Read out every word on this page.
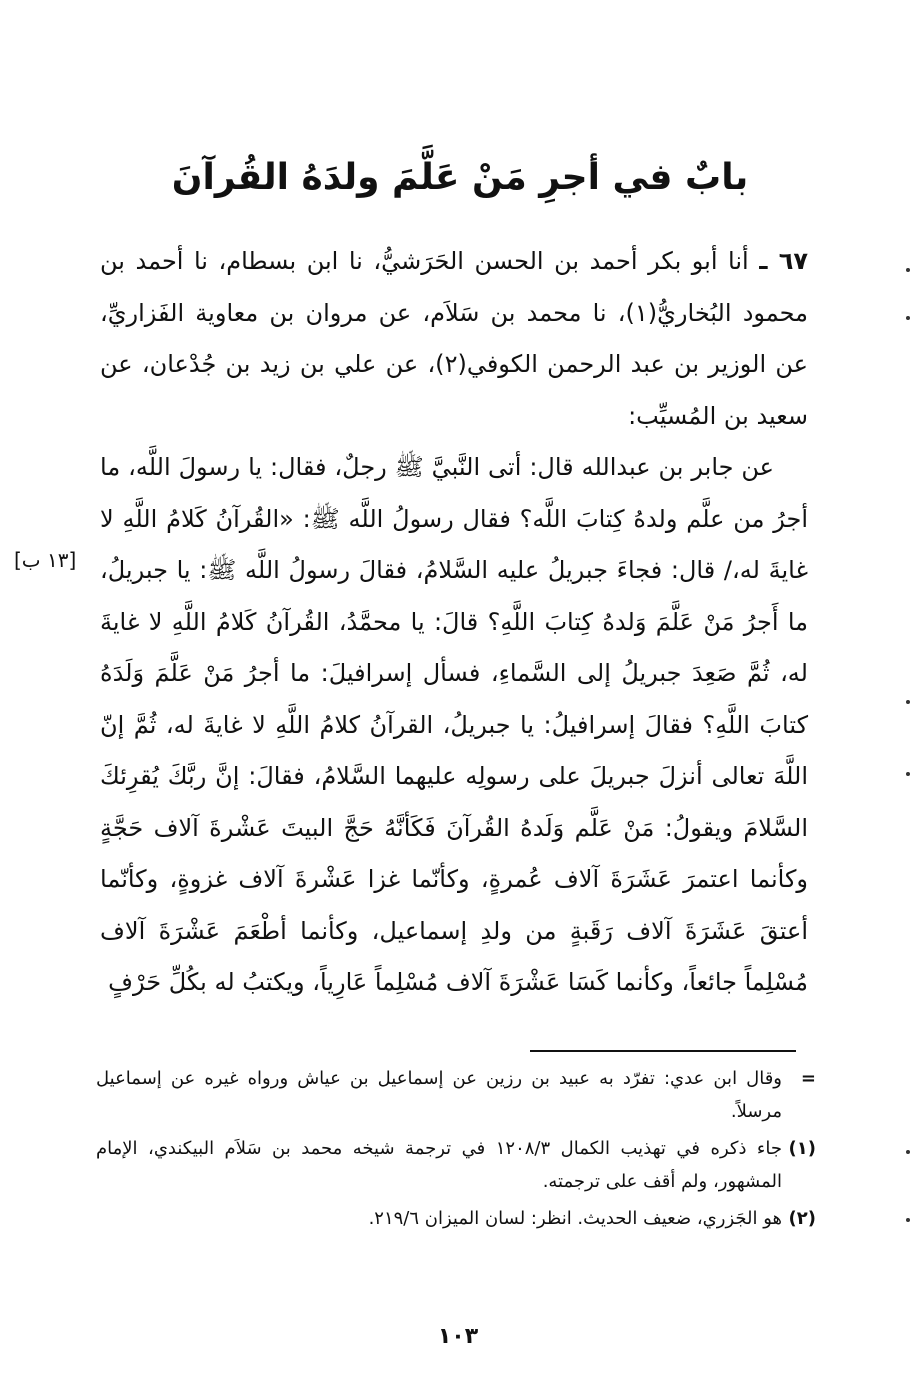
بابٌ في أجرِ مَنْ عَلَّمَ ولدَهُ القُرآنَ

٦٧ ـ أنا أبو بكر أحمد بن الحسن الحَرَشيُّ، نا ابن بسطام، نا أحمد بن محمود البُخاريُّ(١)، نا محمد بن سَلاَم، عن مروان بن معاوية الفَزاريِّ، عن الوزير بن عبد الرحمن الكوفي(٢)، عن علي بن زيد بن جُدْعان، عن سعيد بن المُسيِّب:

عن جابر بن عبدالله قال: أتى النَّبيَّ ﷺ رجلٌ، فقال: يا رسولَ اللَّه، ما أجرُ من علَّم ولدهُ كِتابَ اللَّه؟ فقال رسولُ اللَّه ﷺ: «القُرآنُ كَلامُ اللَّهِ لا غايةَ له،/ قال: فجاءَ جبريلُ عليه السَّلامُ، فقالَ رسولُ اللَّه ﷺ: يا جبريلُ، ما أَجرُ مَنْ عَلَّمَ وَلدهُ كِتابَ اللَّهِ؟ قالَ: يا محمَّدُ، القُرآنُ كَلامُ اللَّهِ لا غايةَ له، ثُمَّ صَعِدَ جبريلُ إلى السَّماءِ، فسأل إسرافيلَ: ما أجرُ مَنْ عَلَّمَ وَلَدَهُ كتابَ اللَّهِ؟ فقالَ إسرافيلُ: يا جبريلُ، القرآنُ كلامُ اللَّهِ لا غايةَ له، ثُمَّ إنّ اللَّهَ تعالى أنزلَ جبريلَ على رسولِه عليهما السَّلامُ، فقالَ: إنَّ ربَّكَ يُقرِئكَ السَّلامَ ويقولُ: مَنْ عَلَّم وَلَدهُ القُرآنَ فَكَأنَّهُ حَجَّ البيتَ عَشْرةَ آلاف حَجَّةٍ وكأنما اعتمرَ عَشَرَةَ آلاف عُمرةٍ، وكأنّما غزا عَشْرةَ آلاف غزوةٍ، وكأنّما أعتقَ عَشَرَةَ آلاف رَقَبةٍ من ولدِ إسماعيل، وكأنما أطْعَمَ عَشْرَةَ آلاف مُسْلِماً جائعاً، وكأنما كَسَا عَشْرَةَ آلاف مُسْلِماً عَارِياً، ويكتبُ له بكُلِّ حَرْفٍ

[١٣ ب]

=
وقال ابن عدي: تفرّد به عبيد بن رزين عن إسماعيل بن عياش ورواه غيره عن إسماعيل مرسلاً.

(١)
جاء ذكره في تهذيب الكمال ١٢٠٨/٣ في ترجمة شيخه محمد بن سَلاَم البيكندي، الإمام المشهور، ولم أقف على ترجمته.

(٢)
هو الجَزري، ضعيف الحديث. انظر: لسان الميزان ٢١٩/٦.

١٠٣
